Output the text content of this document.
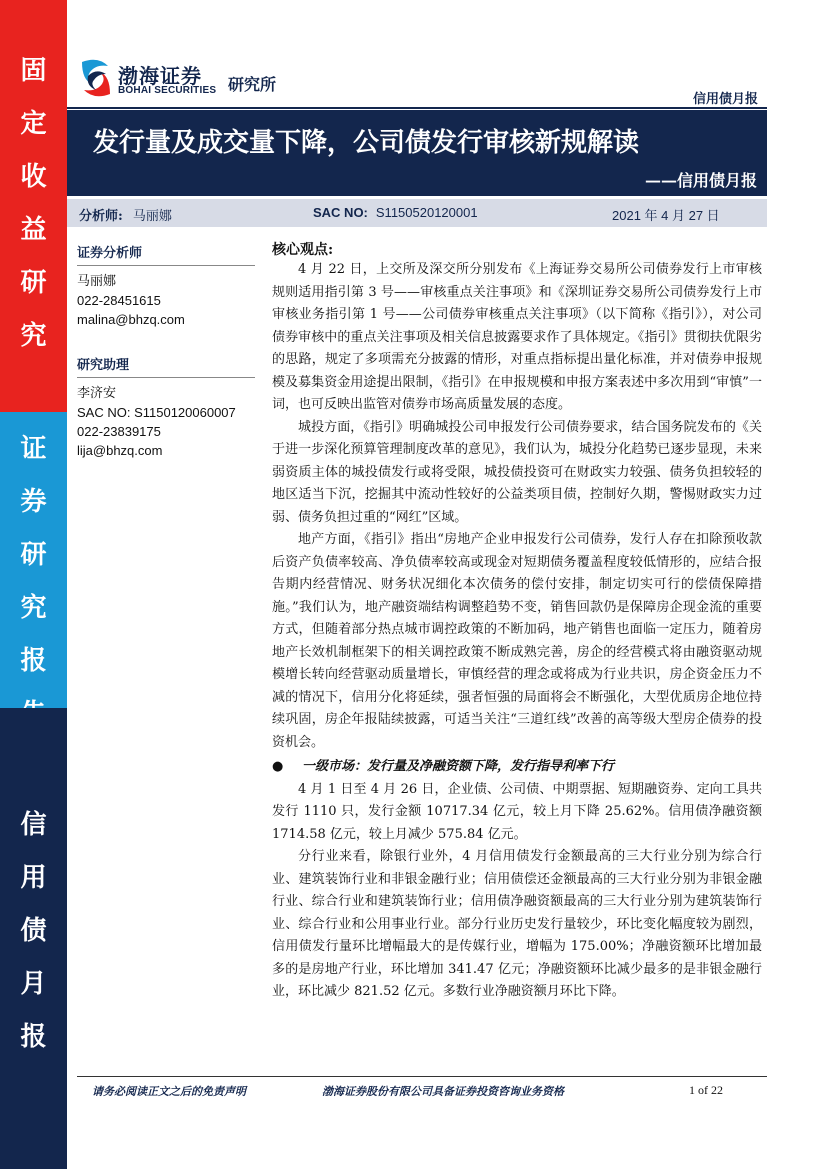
固
定
收
益
研
究
证
券
研
究
报
信
用
债
月
报
渤海证券
BOHAI SECURITIES 研究所
信用债月报
发行量及成交量下降，公司债发行审核新规解读
——信用债月报
分析师: 马丽娜	SAC NO: S1150520120001	2021 年 4 月 27 日
证券分析师
马丽娜
022-28451615
malina@bhzq.com
研究助理
李济安
SAC NO: S1150120060007
022-23839175
lija@bhzq.com
核心观点:

4 月 22 日，上交所及深交所分别发布《上海证券交易所公司债券发行上市审核规则适用指引第 3 号——审核重点关注事项》和《深圳证券交易所公司债券发行上市审核业务指引第 1 号——公司债券审核重点关注事项》（以下简称《指引》），对公司债券审核中的重点关注事项及相关信息披露要求作了具体规定。《指引》贯彻扶优限劣的思路，规定了多项需充分披露的情形，对重点指标提出量化标准，并对债券申报规模及募集资金用途提出限制，《指引》在申报规模和申报方案表述中多次用到“审慎”一词，也可反映出监管对债券市场高质量发展的态度。

城投方面，《指引》明确城投公司申报发行公司债券要求，结合国务院发布的《关于进一步深化预算管理制度改革的意见》，我们认为，城投分化趋势已逐步显现，未来弱资质主体的城投债发行或将受限，城投债投资可在财政实力较强、债务负担较轻的地区适当下沉，挖掘其中流动性较好的公益类项目债，控制好久期，警惕财政实力过弱、债务负担过重的“网红”区域。

地产方面，《指引》指出“房地产企业申报发行公司债券，发行人存在扣除预收款后资产负债率较高、净负债率较高或现金对短期债务覆盖程度较低情形的，应结合报告期内经营情况、财务状况细化本次债务的偿付安排，制定切实可行的偿债保障措施。”我们认为，地产融资端结构调整趋势不变，销售回款仍是保障房企现金流的重要方式，但随着部分热点城市调控政策的不断加码，地产销售也面临一定压力，随着房地产长效机制框架下的相关调控政策不断成熟完善，房企的经营模式将由融资驱动规模增长转向经营驱动质量增长，审慎经营的理念或将成为行业共识，房企资金压力不减的情况下，信用分化将延续，强者恒强的局面将会不断强化，大型优质房企地位持续巩固，房企年报陆续披露，可适当关注“三道红线”改善的高等级大型房企债券的投资机会。

● 一级市场：发行量及净融资额下降，发行指导利率下行

4 月 1 日至 4 月 26 日，企业债、公司债、中期票据、短期融资券、定向工具共发行 1110 只，发行金额 10717.34 亿元，较上月下降 25.62%。信用债净融资额 1714.58 亿元，较上月减少 575.84 亿元。

分行业来看，除银行业外，4 月信用债发行金额最高的三大行业分别为综合行业、建筑装饰行业和非银金融行业；信用债偿还金额最高的三大行业分别为非银金融行业、综合行业和建筑装饰行业；信用债净融资额最高的三大行业分别为建筑装饰行业、综合行业和公用事业行业。部分行业历史发行量较少，环比变化幅度较为剧烈，信用债发行量环比增幅最大的是传媒行业，增幅为 175.00%；净融资额环比增加最多的是房地产行业，环比增加 341.47 亿元；净融资额环比减少最多的是非银金融行业，环比减少 821.52 亿元。多数行业净融资额月环比下降。

请务必阅读正文之后的免责声明	渤海证券股份有限公司具备证券投资咨询业务资格	1 of 22
